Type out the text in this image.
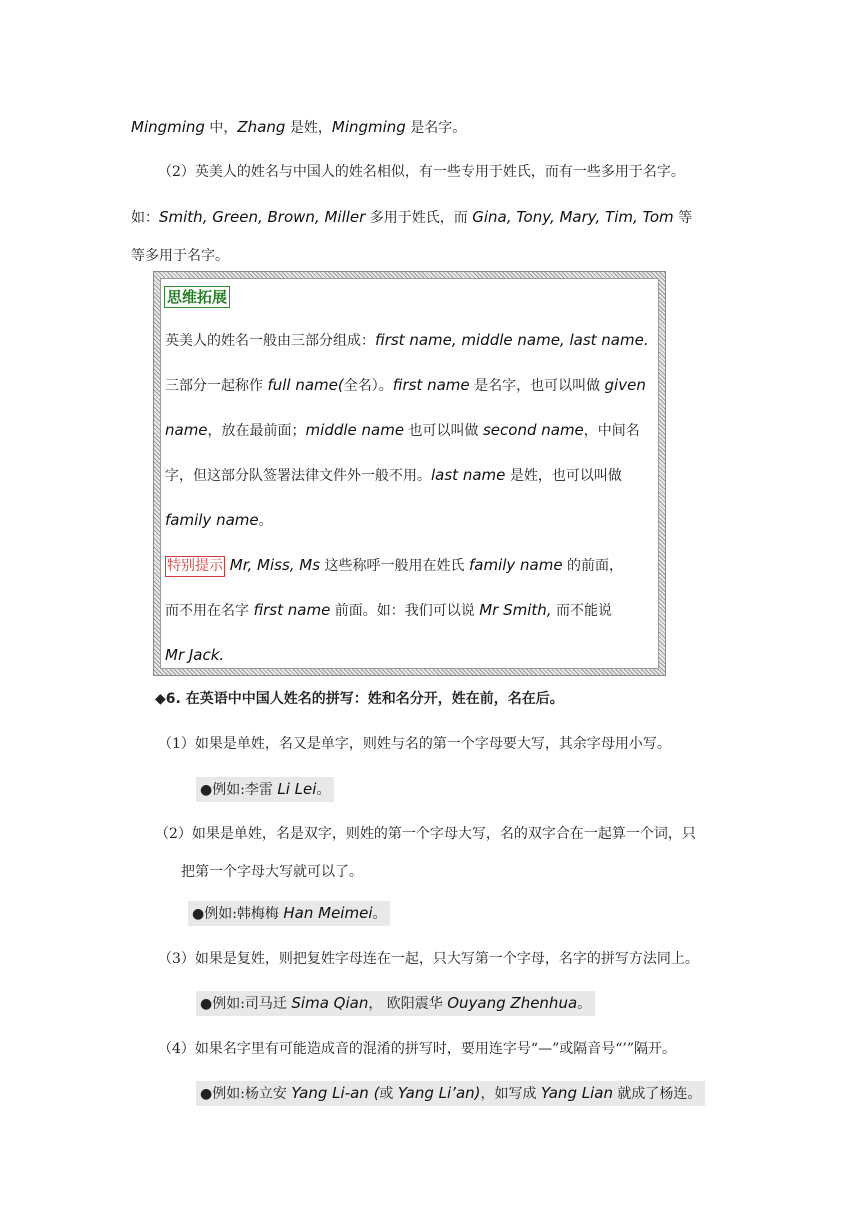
Mingming 中，Zhang 是姓，Mingming 是名字。
（2）英美人的姓名与中国人的姓名相似，有一些专用于姓氏，而有一些多用于名字。
如：Smith, Green, Brown, Miller 多用于姓氏，而 Gina, Tony, Mary, Tim, Tom 等
等多用于名字。
思维拓展
英美人的姓名一般由三部分组成：first name, middle name, last name.
三部分一起称作 full name(全名）。first name 是名字，也可以叫做 given
name，放在最前面；middle name 也可以叫做 second name，中间名
字，但这部分队签署法律文件外一般不用。last name 是姓，也可以叫做
family name。
特别提示 Mr, Miss, Ms 这些称呼一般用在姓氏 family name 的前面，
而不用在名字 first name 前面。如：我们可以说 Mr Smith, 而不能说
Mr Jack.
◆6. 在英语中中国人姓名的拼写：姓和名分开，姓在前，名在后。
（1）如果是单姓，名又是单字，则姓与名的第一个字母要大写，其余字母用小写。
●例如:李雷 Li Lei。
（2）如果是单姓，名是双字，则姓的第一个字母大写，名的双字合在一起算一个词，只
把第一个字母大写就可以了。
●例如:韩梅梅 Han Meimei。
（3）如果是复姓，则把复姓字母连在一起，只大写第一个字母，名字的拼写方法同上。
●例如:司马迁 Sima Qian， 欧阳震华 Ouyang Zhenhua。
（4）如果名字里有可能造成音的混淆的拼写时，要用连字号“—”或隔音号“’”隔开。
●例如:杨立安 Yang Li-an (或 Yang Li’an)，如写成 Yang Lian 就成了杨连。
